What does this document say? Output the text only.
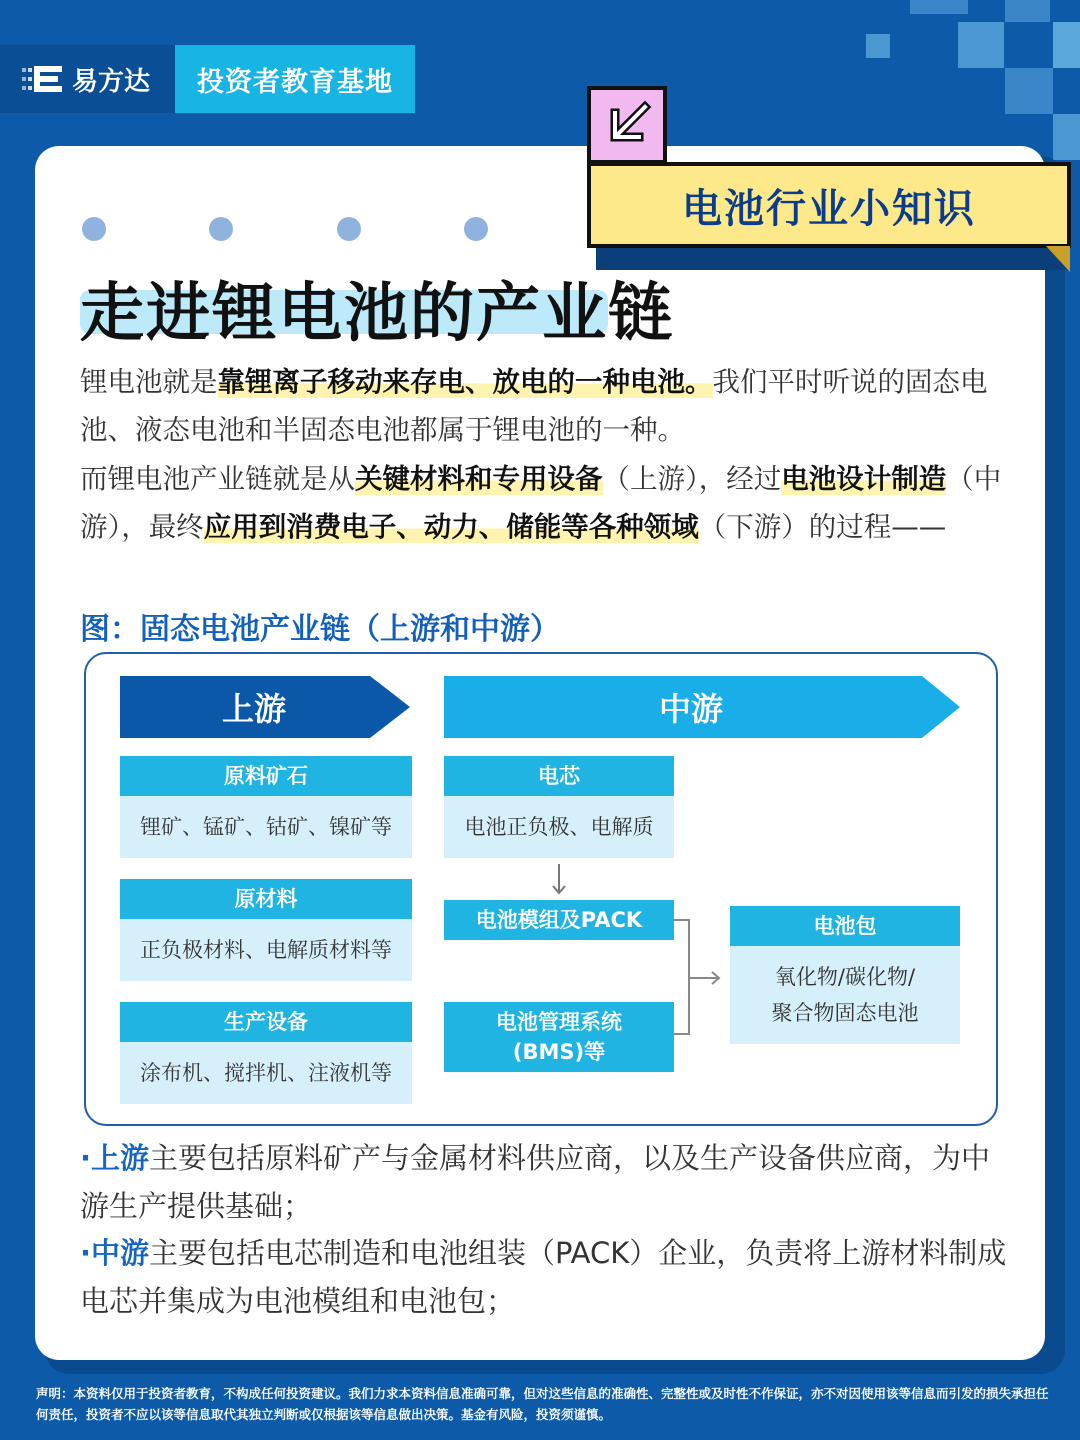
易方达	投资者教育基地
电池行业小知识
走进锂电池的产业链
锂电池就是靠锂离子移动来存电、放电的一种电池。我们平时听说的固态电池、液态电池和半固态电池都属于锂电池的一种。
而锂电池产业链就是从关键材料和专用设备（上游），经过电池设计制造（中游），最终应用到消费电子、动力、储能等各种领域（下游）的过程——
图：固态电池产业链（上游和中游）
上游	中游
原料矿石
锂矿、锰矿、钴矿、镍矿等
原材料
正负极材料、电解质材料等
生产设备
涂布机、搅拌机、注液机等
电芯
电池正负极、电解质
电池模组及PACK
电池管理系统
(BMS)等
电池包
氧化物/碳化物/
聚合物固态电池
·上游主要包括原料矿产与金属材料供应商，以及生产设备供应商，为中游生产提供基础；
·中游主要包括电芯制造和电池组装（PACK）企业，负责将上游材料制成电芯并集成为电池模组和电池包；
声明：本资料仅用于投资者教育，不构成任何投资建议。我们力求本资料信息准确可靠，但对这些信息的准确性、完整性或及时性不作保证，亦不对因使用该等信息而引发的损失承担任何责任，投资者不应以该等信息取代其独立判断或仅根据该等信息做出决策。基金有风险，投资须谨慎。
